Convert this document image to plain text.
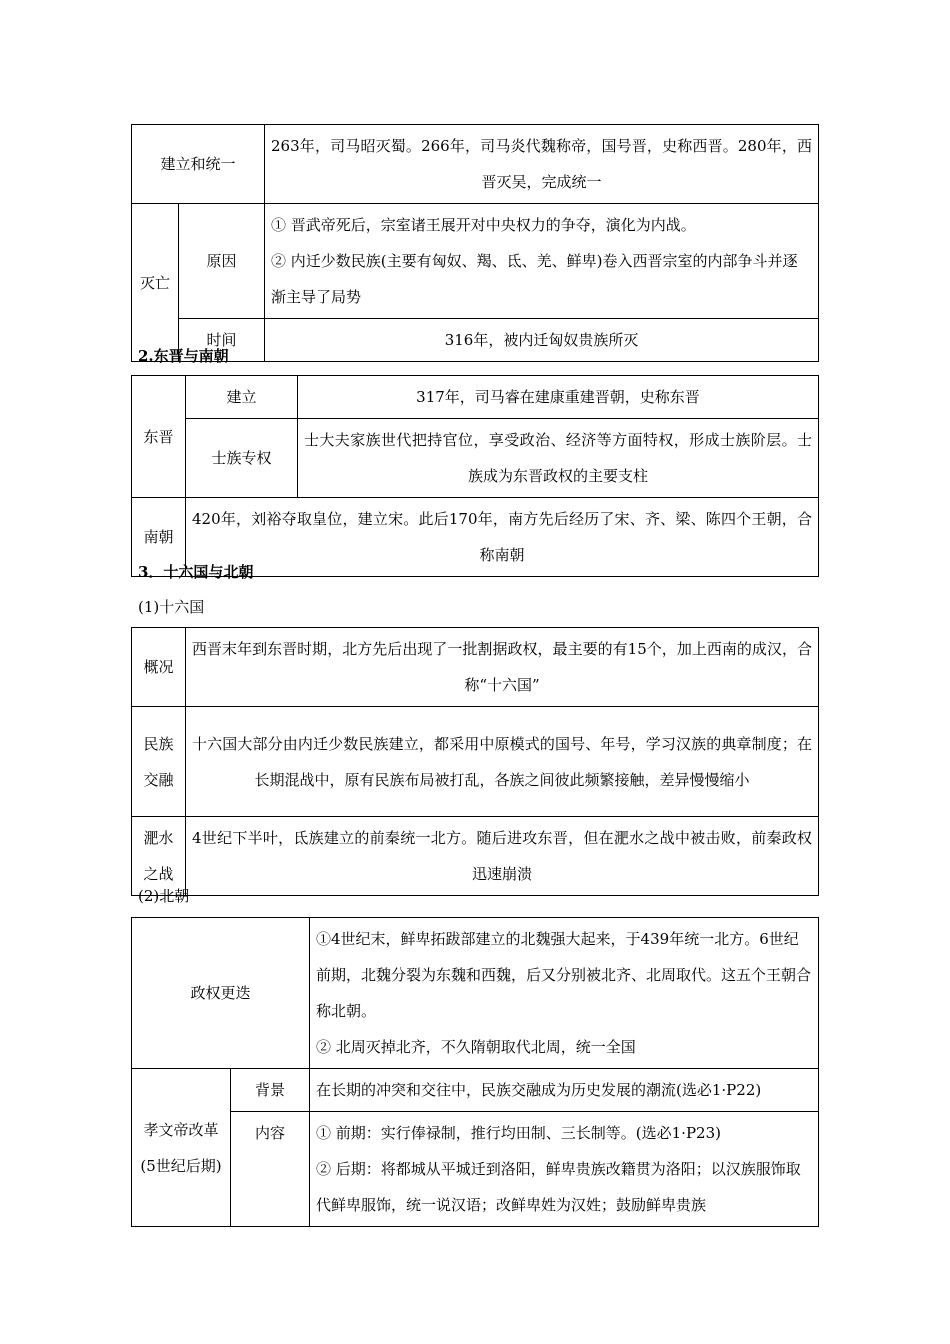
建立和统一		263年，司马昭灭蜀。266年，司马炎代魏称帝，国号晋，史称西晋。280年，西晋灭吴，完成统一
灭亡	原因	① 晋武帝死后，宗室诸王展开对中央权力的争夺，演化为内战。
② 内迁少数民族(主要有匈奴、羯、氐、羌、鲜卑)卷入西晋宗室的内部争斗并逐渐主导了局势

	时间	316年，被内迁匈奴贵族所灭
2.东晋与南朝
东晋	建立	317年，司马睿在建康重建晋朝，史称东晋
	士族专权	士大夫家族世代把持官位，享受政治、经济等方面特权，形成士族阶层。士族成为东晋政权的主要支柱
南朝	420年，刘裕夺取皇位，建立宋。此后170年，南方先后经历了宋、齐、梁、陈四个王朝，合称南朝	
3．十六国与北朝
(1)十六国
概况	西晋末年到东晋时期，北方先后出现了一批割据政权，最主要的有15个，加上西南的成汉，合称“十六国”
民族交融	十六国大部分由内迁少数民族建立，都采用中原模式的国号、年号，学习汉族的典章制度；在长期混战中，原有民族布局被打乱，各族之间彼此频繁接触，差异慢慢缩小
淝水之战	4世纪下半叶，氐族建立的前秦统一北方。随后进攻东晋，但在淝水之战中被击败，前秦政权迅速崩溃
(2)北朝
政权更迭		①4世纪末，鲜卑拓跋部建立的北魏强大起来，于439年统一北方。6世纪前期，北魏分裂为东魏和西魏，后又分别被北齐、北周取代。这五个王朝合称北朝。
② 北周灭掉北齐，不久隋朝取代北周，统一全国

孝文帝改革(5世纪后期)	背景	在长期的冲突和交往中，民族交融成为历史发展的潮流(选必1·P22)
	内容	① 前期：实行俸禄制，推行均田制、三长制等。(选必1·P23)
② 后期：将都城从平城迁到洛阳，鲜卑贵族改籍贯为洛阳；以汉族服饰取代鲜卑服饰，统一说汉语；改鲜卑姓为汉姓；鼓励鲜卑贵族
